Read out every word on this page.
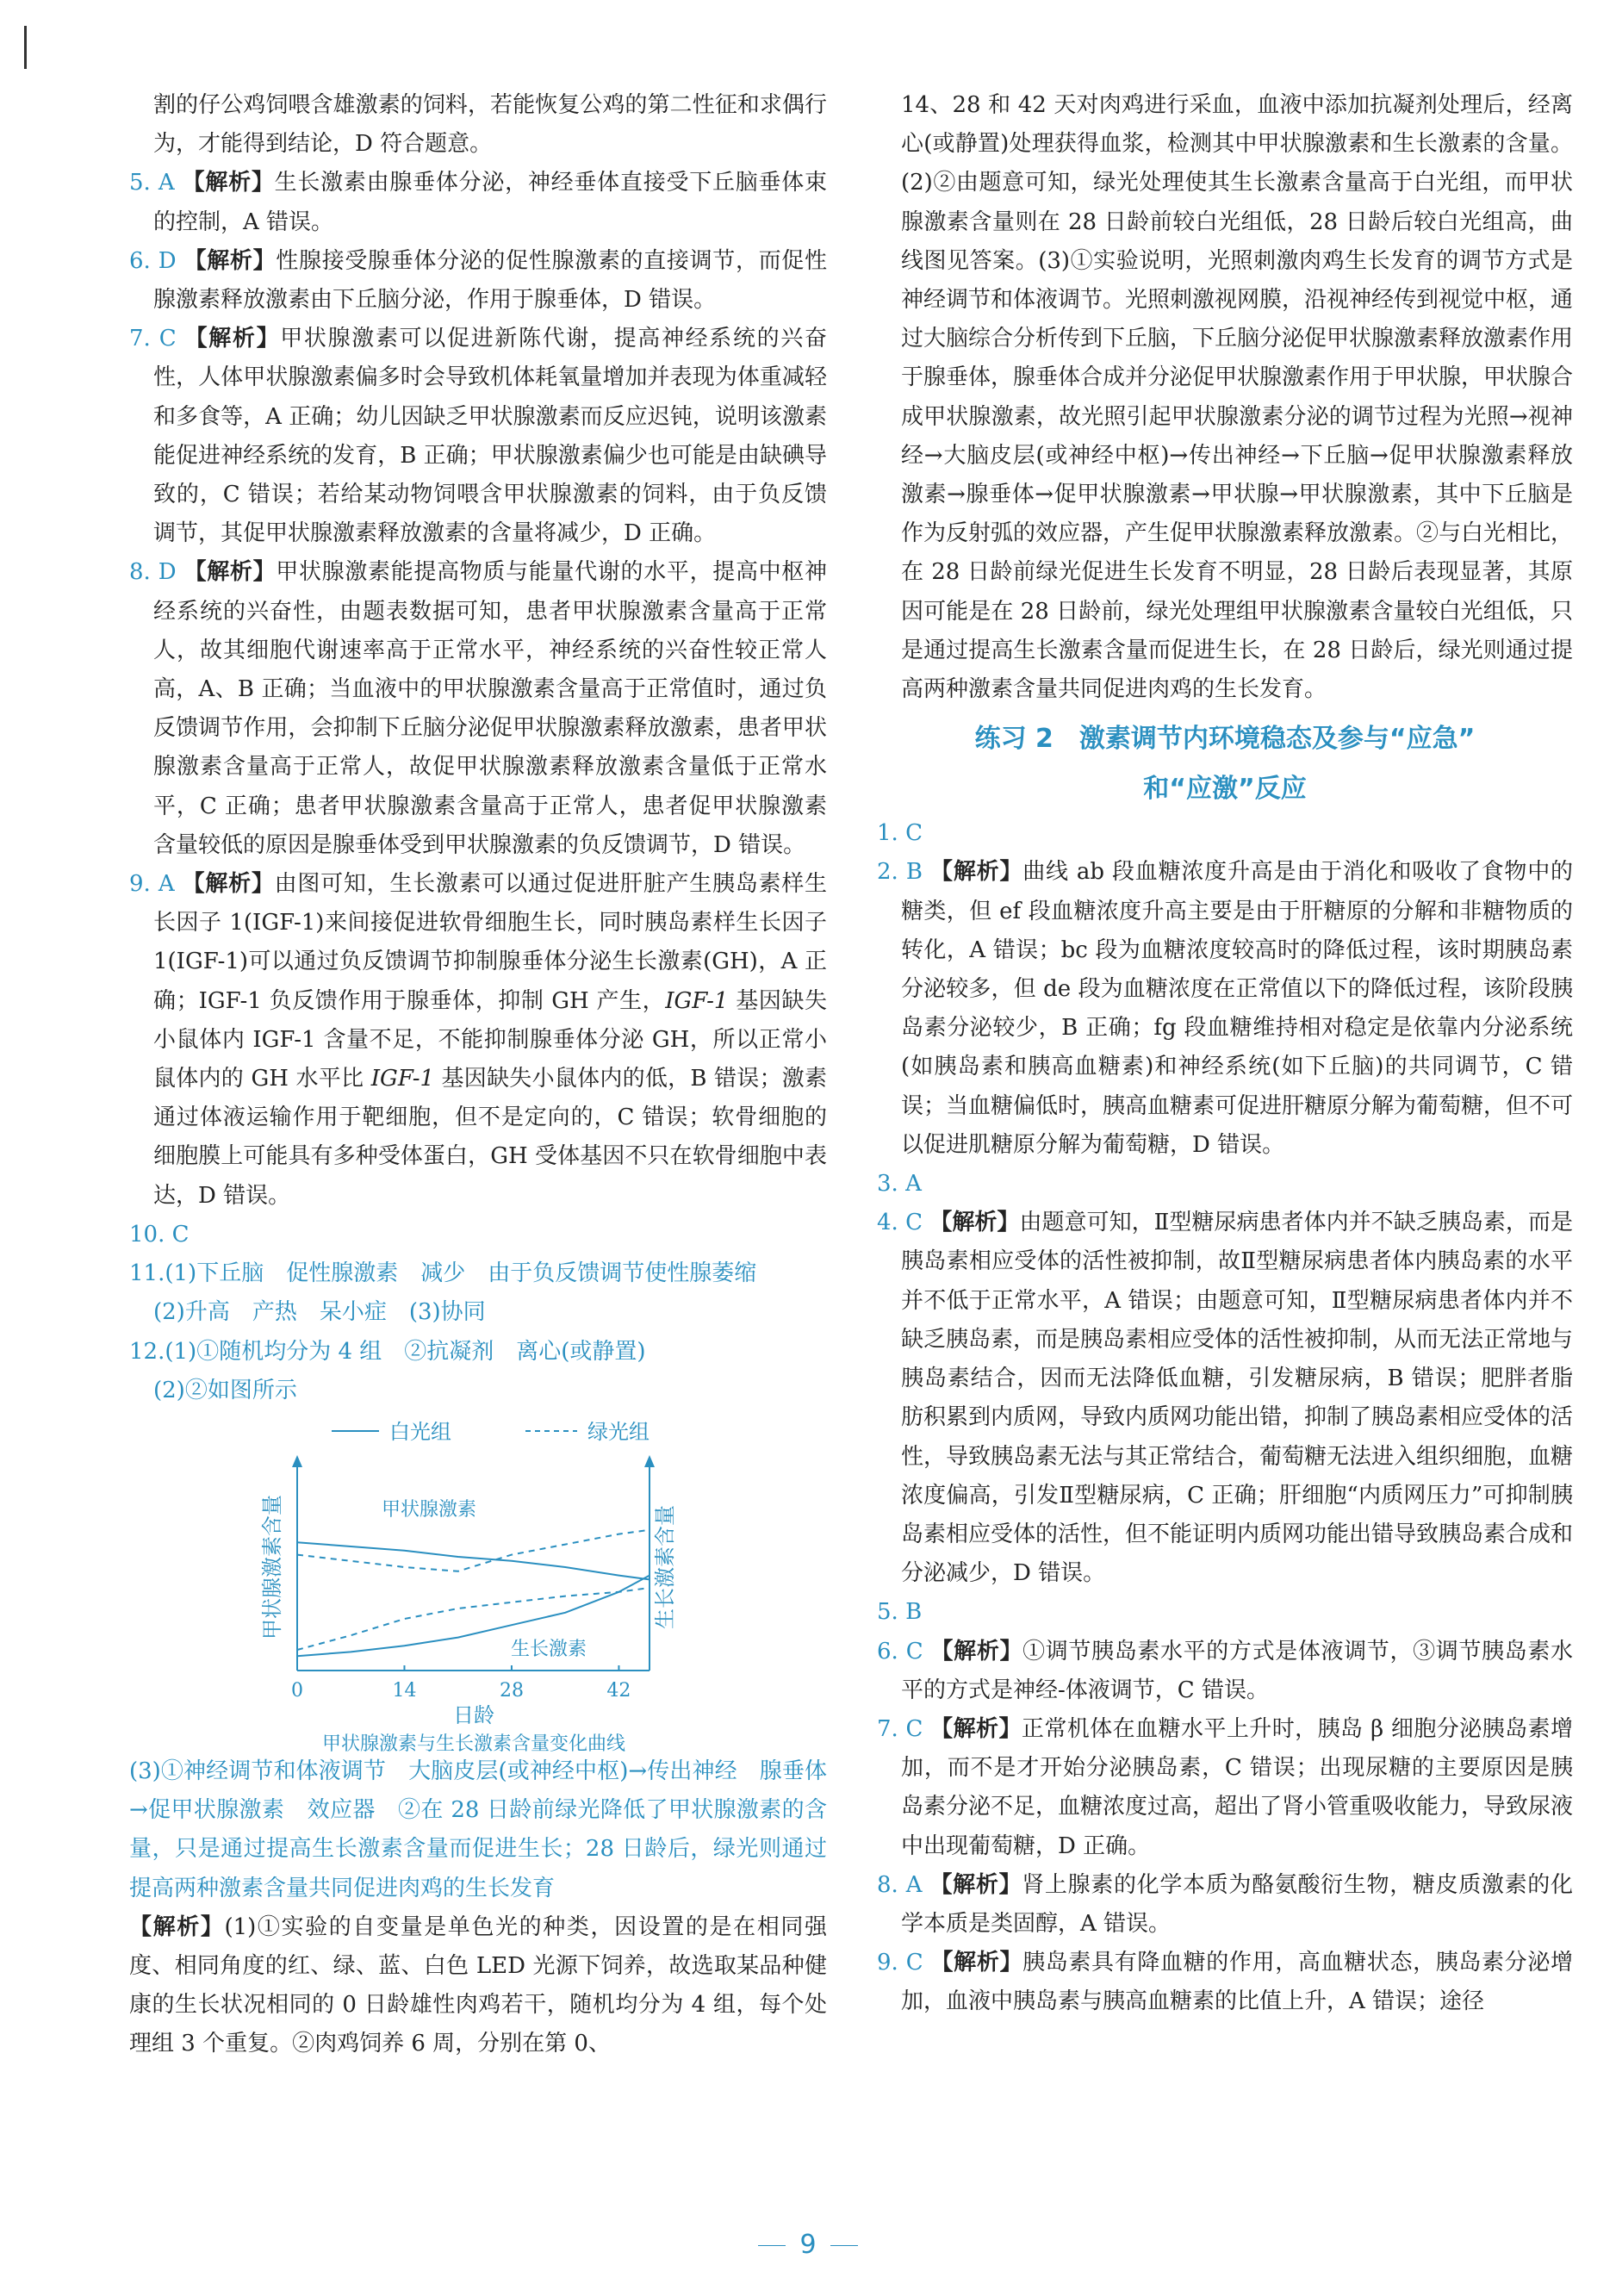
割的仔公鸡饲喂含雄激素的饲料，若能恢复公鸡的第二性征和求偶行为，才能得到结论，D 符合题意。

5. A 【解析】生长激素由腺垂体分泌，神经垂体直接受下丘脑垂体束的控制，A 错误。

6. D 【解析】性腺接受腺垂体分泌的促性腺激素的直接调节，而促性腺激素释放激素由下丘脑分泌，作用于腺垂体，D 错误。

7. C 【解析】甲状腺激素可以促进新陈代谢，提高神经系统的兴奋性，人体甲状腺激素偏多时会导致机体耗氧量增加并表现为体重减轻和多食等，A 正确；幼儿因缺乏甲状腺激素而反应迟钝，说明该激素能促进神经系统的发育，B 正确；甲状腺激素偏少也可能是由缺碘导致的，C 错误；若给某动物饲喂含甲状腺激素的饲料，由于负反馈调节，其促甲状腺激素释放激素的含量将减少，D 正确。

8. D 【解析】甲状腺激素能提高物质与能量代谢的水平，提高中枢神经系统的兴奋性，由题表数据可知，患者甲状腺激素含量高于正常人，故其细胞代谢速率高于正常水平，神经系统的兴奋性较正常人高，A、B 正确；当血液中的甲状腺激素含量高于正常值时，通过负反馈调节作用，会抑制下丘脑分泌促甲状腺激素释放激素，患者甲状腺激素含量高于正常人，故促甲状腺激素释放激素含量低于正常水平，C 正确；患者甲状腺激素含量高于正常人，患者促甲状腺激素含量较低的原因是腺垂体受到甲状腺激素的负反馈调节，D 错误。

9. A 【解析】由图可知，生长激素可以通过促进肝脏产生胰岛素样生长因子 1(IGF-1)来间接促进软骨细胞生长，同时胰岛素样生长因子 1(IGF-1)可以通过负反馈调节抑制腺垂体分泌生长激素(GH)，A 正确；IGF-1 负反馈作用于腺垂体，抑制 GH 产生，IGF-1 基因缺失小鼠体内 IGF-1 含量不足，不能抑制腺垂体分泌 GH，所以正常小鼠体内的 GH 水平比 IGF-1 基因缺失小鼠体内的低，B 错误；激素通过体液运输作用于靶细胞，但不是定向的，C 错误；软骨细胞的细胞膜上可能具有多种受体蛋白，GH 受体基因不只在软骨细胞中表达，D 错误。

10. C

11.(1)下丘脑　促性腺激素　减少　由于负反馈调节使性腺萎缩
(2)升高　产热　呆小症　(3)协同

12.(1)①随机均分为 4 组　②抗凝剂　离心(或静置)
(2)②如图所示

白光组	绿光组
甲状腺激素含量	生长激素含量
0	14	28	42
甲状腺激素
生长激素
日龄
甲状腺激素与生长激素含量变化曲线

(3)①神经调节和体液调节　大脑皮层(或神经中枢)→传出神经　腺垂体→促甲状腺激素　效应器　②在 28 日龄前绿光降低了甲状腺激素的含量，只是通过提高生长激素含量而促进生长；28 日龄后，绿光则通过提高两种激素含量共同促进肉鸡的生长发育

【解析】(1)①实验的自变量是单色光的种类，因设置的是在相同强度、相同角度的红、绿、蓝、白色 LED 光源下饲养，故选取某品种健康的生长状况相同的 0 日龄雄性肉鸡若干，随机均分为 4 组，每个处理组 3 个重复。②肉鸡饲养 6 周，分别在第 0、

14、28 和 42 天对肉鸡进行采血，血液中添加抗凝剂处理后，经离心(或静置)处理获得血浆，检测其中甲状腺激素和生长激素的含量。(2)②由题意可知，绿光处理使其生长激素含量高于白光组，而甲状腺激素含量则在 28 日龄前较白光组低，28 日龄后较白光组高，曲线图见答案。(3)①实验说明，光照刺激肉鸡生长发育的调节方式是神经调节和体液调节。光照刺激视网膜，沿视神经传到视觉中枢，通过大脑综合分析传到下丘脑，下丘脑分泌促甲状腺激素释放激素作用于腺垂体，腺垂体合成并分泌促甲状腺激素作用于甲状腺，甲状腺合成甲状腺激素，故光照引起甲状腺激素分泌的调节过程为光照→视神经→大脑皮层(或神经中枢)→传出神经→下丘脑→促甲状腺激素释放激素→腺垂体→促甲状腺激素→甲状腺→甲状腺激素，其中下丘脑是作为反射弧的效应器，产生促甲状腺激素释放激素。②与白光相比，在 28 日龄前绿光促进生长发育不明显，28 日龄后表现显著，其原因可能是在 28 日龄前，绿光处理组甲状腺激素含量较白光组低，只是通过提高生长激素含量而促进生长，在 28 日龄后，绿光则通过提高两种激素含量共同促进肉鸡的生长发育。

练习 2　激素调节内环境稳态及参与“应急”
和“应激”反应

1. C

2. B 【解析】曲线 ab 段血糖浓度升高是由于消化和吸收了食物中的糖类，但 ef 段血糖浓度升高主要是由于肝糖原的分解和非糖物质的转化，A 错误；bc 段为血糖浓度较高时的降低过程，该时期胰岛素分泌较多，但 de 段为血糖浓度在正常值以下的降低过程，该阶段胰岛素分泌较少，B 正确；fg 段血糖维持相对稳定是依靠内分泌系统(如胰岛素和胰高血糖素)和神经系统(如下丘脑)的共同调节，C 错误；当血糖偏低时，胰高血糖素可促进肝糖原分解为葡萄糖，但不可以促进肌糖原分解为葡萄糖，D 错误。

3. A

4. C 【解析】由题意可知，Ⅱ型糖尿病患者体内并不缺乏胰岛素，而是胰岛素相应受体的活性被抑制，故Ⅱ型糖尿病患者体内胰岛素的水平并不低于正常水平，A 错误；由题意可知，Ⅱ型糖尿病患者体内并不缺乏胰岛素，而是胰岛素相应受体的活性被抑制，从而无法正常地与胰岛素结合，因而无法降低血糖，引发糖尿病，B 错误；肥胖者脂肪积累到内质网，导致内质网功能出错，抑制了胰岛素相应受体的活性，导致胰岛素无法与其正常结合，葡萄糖无法进入组织细胞，血糖浓度偏高，引发Ⅱ型糖尿病，C 正确；肝细胞“内质网压力”可抑制胰岛素相应受体的活性，但不能证明内质网功能出错导致胰岛素合成和分泌减少，D 错误。

5. B

6. C 【解析】①调节胰岛素水平的方式是体液调节，③调节胰岛素水平的方式是神经-体液调节，C 错误。

7. C 【解析】正常机体在血糖水平上升时，胰岛 β 细胞分泌胰岛素增加，而不是才开始分泌胰岛素，C 错误；出现尿糖的主要原因是胰岛素分泌不足，血糖浓度过高，超出了肾小管重吸收能力，导致尿液中出现葡萄糖，D 正确。

8. A 【解析】肾上腺素的化学本质为酪氨酸衍生物，糖皮质激素的化学本质是类固醇，A 错误。

9. C 【解析】胰岛素具有降血糖的作用，高血糖状态，胰岛素分泌增加，血液中胰岛素与胰高血糖素的比值上升，A 错误；途径

9
